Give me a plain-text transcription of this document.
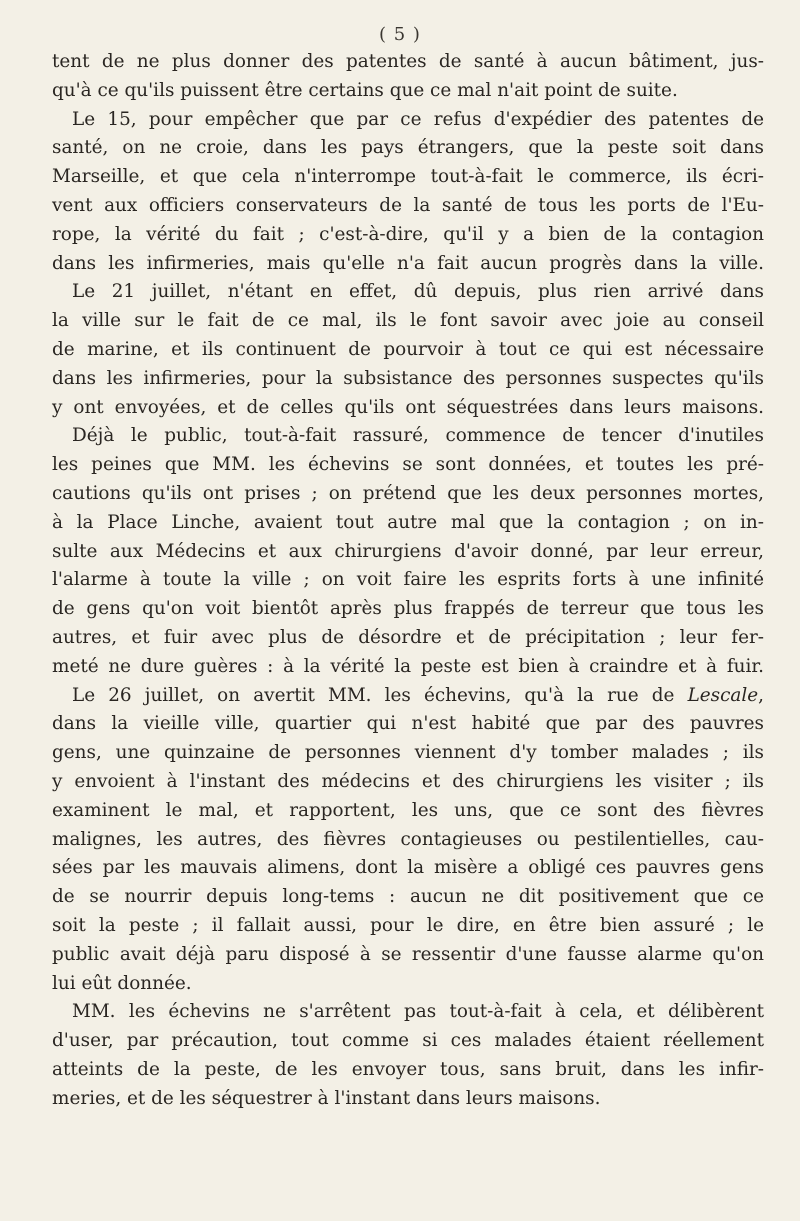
( 5 )
tent de ne plus donner des patentes de santé à aucun bâtiment, jus-
qu'à ce qu'ils puissent être certains que ce mal n'ait point de suite.
Le 15, pour empêcher que par ce refus d'expédier des patentes de
santé, on ne croie, dans les pays étrangers, que la peste soit dans
Marseille, et que cela n'interrompe tout-à-fait le commerce, ils écri-
vent aux officiers conservateurs de la santé de tous les ports de l'Eu-
rope, la vérité du fait ; c'est-à-dire, qu'il y a bien de la contagion
dans les infirmeries, mais qu'elle n'a fait aucun progrès dans la ville.
Le 21 juillet, n'étant en effet, dû depuis, plus rien arrivé dans
la ville sur le fait de ce mal, ils le font savoir avec joie au conseil
de marine, et ils continuent de pourvoir à tout ce qui est nécessaire
dans les infirmeries, pour la subsistance des personnes suspectes qu'ils
y ont envoyées, et de celles qu'ils ont séquestrées dans leurs maisons.
Déjà le public, tout-à-fait rassuré, commence de tencer d'inutiles
les peines que MM. les échevins se sont données, et toutes les pré-
cautions qu'ils ont prises ; on prétend que les deux personnes mortes,
à la Place Linche, avaient tout autre mal que la contagion ; on in-
sulte aux Médecins et aux chirurgiens d'avoir donné, par leur erreur,
l'alarme à toute la ville ; on voit faire les esprits forts à une infinité
de gens qu'on voit bientôt après plus frappés de terreur que tous les
autres, et fuir avec plus de désordre et de précipitation ; leur fer-
meté ne dure guères : à la vérité la peste est bien à craindre et à fuir.
Le 26 juillet, on avertit MM. les échevins, qu'à la rue de Lescale,
dans la vieille ville, quartier qui n'est habité que par des pauvres
gens, une quinzaine de personnes viennent d'y tomber malades ; ils
y envoient à l'instant des médecins et des chirurgiens les visiter ; ils
examinent le mal, et rapportent, les uns, que ce sont des fièvres
malignes, les autres, des fièvres contagieuses ou pestilentielles, cau-
sées par les mauvais alimens, dont la misère a obligé ces pauvres gens
de se nourrir depuis long-tems : aucun ne dit positivement que ce
soit la peste ; il fallait aussi, pour le dire, en être bien assuré ; le
public avait déjà paru disposé à se ressentir d'une fausse alarme qu'on
lui eût donnée.
MM. les échevins ne s'arrêtent pas tout-à-fait à cela, et délibèrent
d'user, par précaution, tout comme si ces malades étaient réellement
atteints de la peste, de les envoyer tous, sans bruit, dans les infir-
meries, et de les séquestrer à l'instant dans leurs maisons.
